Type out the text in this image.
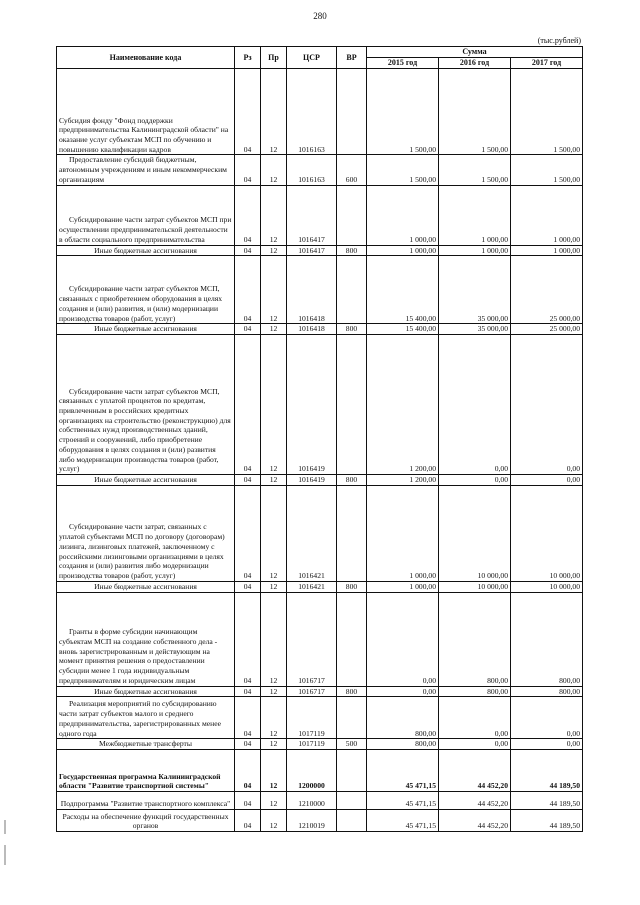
280
(тыс.рублей)
Наименование кода	Рз	Пр	ЦСР	ВР	Сумма		
					2015 год	2016 год	2017 год
Субсидия фонду "Фонд поддержки предпринимательства Калининградской области" на оказание услуг субъектам МСП по обучению и повышению квалификации кадров	04	12	1016163		1 500,00	1 500,00	1 500,00
Предоставление субсидий бюджетным, автономным учреждениям и иным некоммерческим организациям	04	12	1016163	600	1 500,00	1 500,00	1 500,00
Субсидирование части затрат субъектов МСП при осуществлении предпринимательской деятельности в области социального предпринимательства	04	12	1016417		1 000,00	1 000,00	1 000,00
Иные бюджетные ассигнования	04	12	1016417	800	1 000,00	1 000,00	1 000,00
Субсидирование части затрат субъектов МСП, связанных с приобретением оборудования в целях создания и (или) развития, и (или) модернизации производства товаров (работ, услуг)	04	12	1016418		15 400,00	35 000,00	25 000,00
Иные бюджетные ассигнования	04	12	1016418	800	15 400,00	35 000,00	25 000,00
Субсидирование части затрат субъектов МСП, связанных с уплатой процентов по кредитам, привлеченным в российских кредитных организациях на строительство (реконструкцию) для собственных нужд производственных зданий, строений и сооружений, либо приобретение оборудования в целях создания и (или) развития либо модернизации производства товаров (работ, услуг)	04	12	1016419		1 200,00	0,00	0,00
Иные бюджетные ассигнования	04	12	1016419	800	1 200,00	0,00	0,00
Субсидирование части затрат, связанных с уплатой субъектами МСП по договору (договорам) лизинга, лизинговых платежей, заключенному с российскими лизинговыми организациями в целях создания и (или) развития либо модернизации производства товаров (работ, услуг)	04	12	1016421		1 000,00	10 000,00	10 000,00
Иные бюджетные ассигнования	04	12	1016421	800	1 000,00	10 000,00	10 000,00
Гранты в форме субсидии начинающим субъектам МСП на создание собственного дела - вновь зарегистрированным и действующим на момент принятия решения о предоставлении субсидии менее 1 года индивидуальным предпринимателям и юридическим лицам	04	12	1016717		0,00	800,00	800,00
Иные бюджетные ассигнования	04	12	1016717	800	0,00	800,00	800,00
Реализация мероприятий по субсидированию части затрат субъектов малого и среднего предпринимательства, зарегистрированных менее одного года	04	12	1017119		800,00	0,00	0,00
Межбюджетные трансферты	04	12	1017119	500	800,00	0,00	0,00
Государственная программа Калининградской области "Развитие транспортной системы"	04	12	1200000		45 471,15	44 452,20	44 189,50
Подпрограмма "Развитие транспортного комплекса"	04	12	1210000		45 471,15	44 452,20	44 189,50
Расходы на обеспечение функций государственных органов	04	12	1210019		45 471,15	44 452,20	44 189,50
